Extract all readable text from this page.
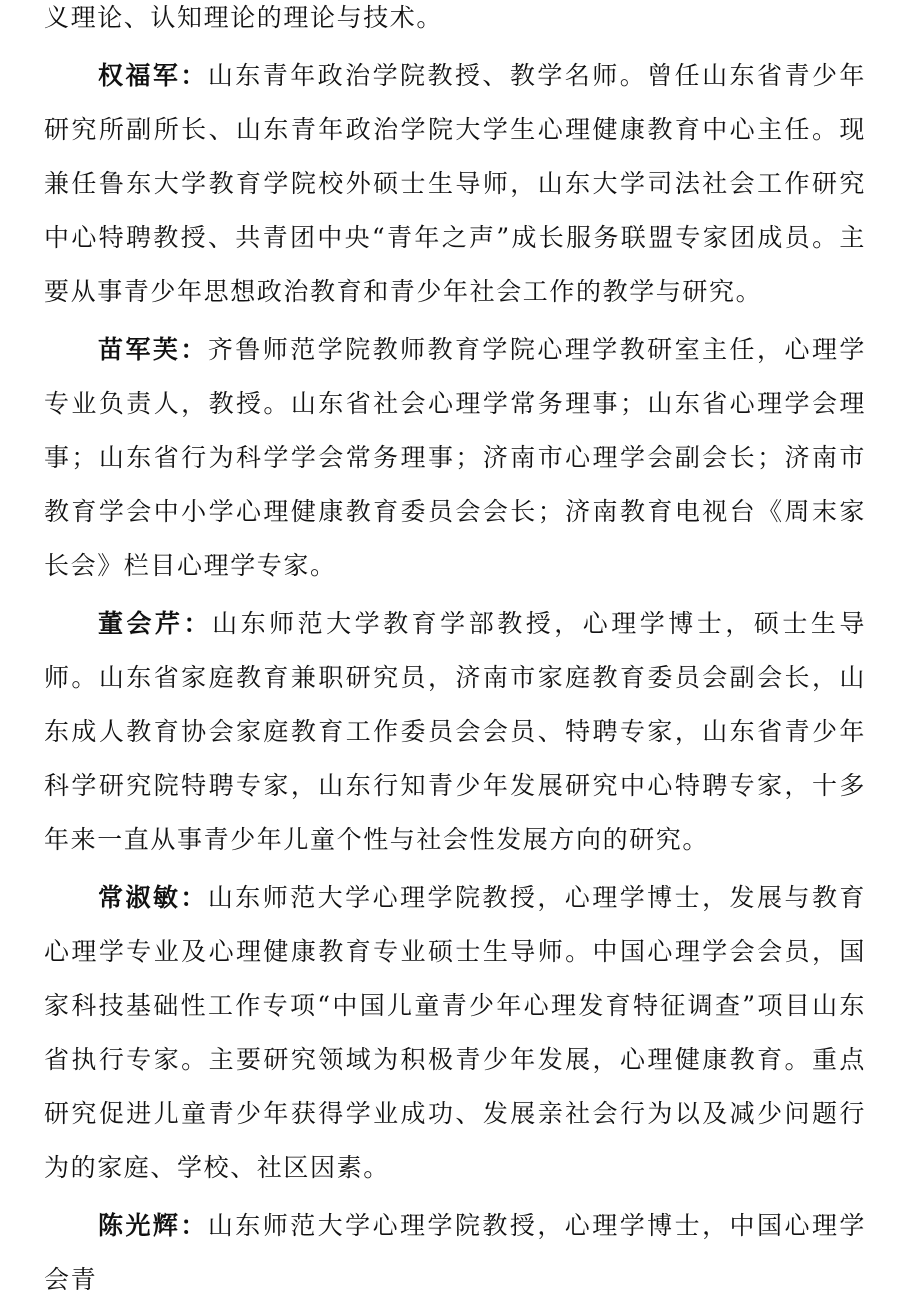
义理论、认知理论的理论与技术。

权福军：山东青年政治学院教授、教学名师。曾任山东省青少年研究所副所长、山东青年政治学院大学生心理健康教育中心主任。现兼任鲁东大学教育学院校外硕士生导师，山东大学司法社会工作研究中心特聘教授、共青团中央“青年之声”成长服务联盟专家团成员。主要从事青少年思想政治教育和青少年社会工作的教学与研究。

苗军芙：齐鲁师范学院教师教育学院心理学教研室主任，心理学专业负责人，教授。山东省社会心理学常务理事；山东省心理学会理事；山东省行为科学学会常务理事；济南市心理学会副会长；济南市教育学会中小学心理健康教育委员会会长；济南教育电视台《周末家长会》栏目心理学专家。

董会芹：山东师范大学教育学部教授，心理学博士，硕士生导师。山东省家庭教育兼职研究员，济南市家庭教育委员会副会长，山东成人教育协会家庭教育工作委员会会员、特聘专家，山东省青少年科学研究院特聘专家，山东行知青少年发展研究中心特聘专家，十多年来一直从事青少年儿童个性与社会性发展方向的研究。

常淑敏：山东师范大学心理学院教授，心理学博士，发展与教育心理学专业及心理健康教育专业硕士生导师。中国心理学会会员，国家科技基础性工作专项“中国儿童青少年心理发育特征调查”项目山东省执行专家。主要研究领域为积极青少年发展，心理健康教育。重点研究促进儿童青少年获得学业成功、发展亲社会行为以及减少问题行为的家庭、学校、社区因素。

陈光辉：山东师范大学心理学院教授，心理学博士，中国心理学会青
